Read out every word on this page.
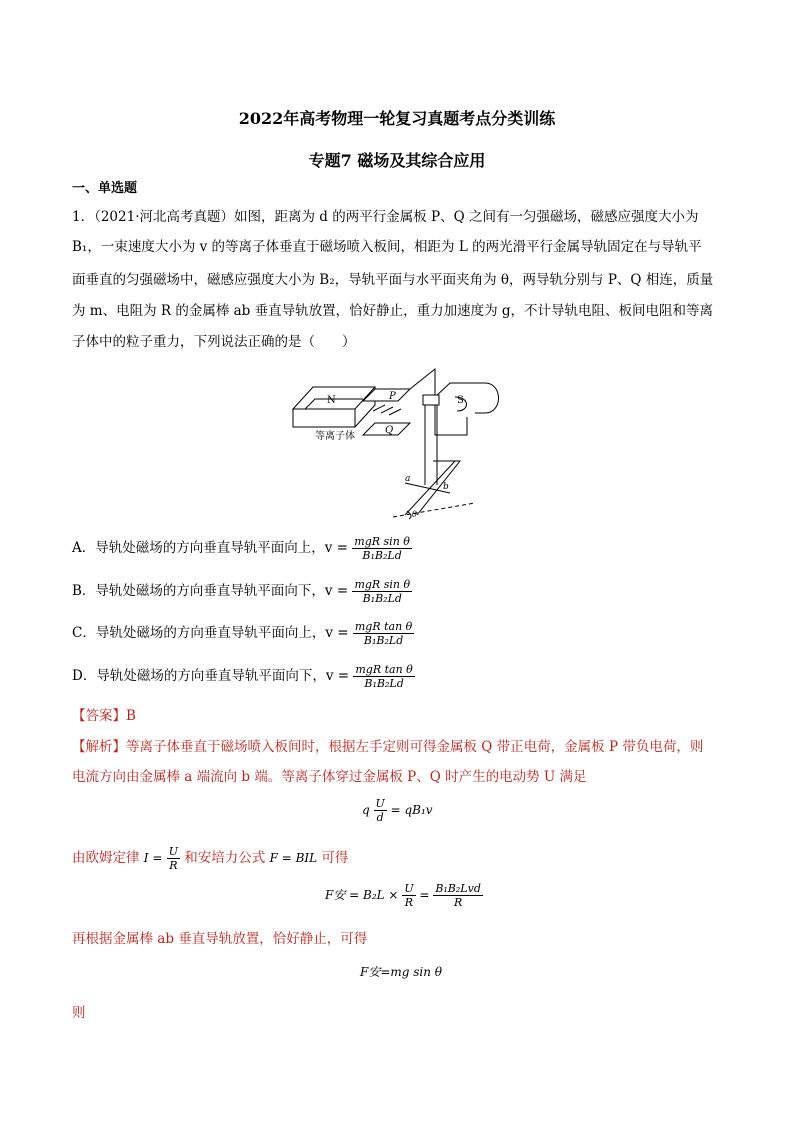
2022年高考物理一轮复习真题考点分类训练
专题7 磁场及其综合应用
一、单选题
1．（2021·河北高考真题）如图，距离为 d 的两平行金属板 P、Q 之间有一匀强磁场，磁感应强度大小为
B₁，一束速度大小为 v 的等离子体垂直于磁场喷入板间，相距为 L 的两光滑平行金属导轨固定在与导轨平
面垂直的匀强磁场中，磁感应强度大小为 B₂，导轨平面与水平面夹角为 θ，两导轨分别与 P、Q 相连，质量
为 m、电阻为 R 的金属棒 ab 垂直导轨放置，恰好静止，重力加速度为 g，不计导轨电阻、板间电阻和等离
子体中的粒子重力，下列说法正确的是（　　）
N	P	S
Q
等离子体
a
b
θ
A．导轨处磁场的方向垂直导轨平面向上，$v = \frac{\text{mgR sin θ}}{\text{B₁B₂Ld}}$
B．导轨处磁场的方向垂直导轨平面向下，$v = \frac{\text{mgR sin θ}}{\text{B₁B₂Ld}}$
C．导轨处磁场的方向垂直导轨平面向上，$v = \frac{\text{mgR tan θ}}{\text{B₁B₂Ld}}$
D．导轨处磁场的方向垂直导轨平面向下，$v = \frac{\text{mgR tan θ}}{\text{B₁B₂Ld}}$
【答案】B
【解析】等离子体垂直于磁场喷入板间时，根据左手定则可得金属板 Q 带正电荷，金属板 P 带负电荷，则
电流方向由金属棒 a 端流向 b 端。等离子体穿过金属板 P、Q 时产生的电动势 U 满足
q $\frac{U}{d} = qB_1v$
由欧姆定律 $I = \frac{U}{R}$ 和安培力公式 F = BIL 可得
F安 = $B_2L \times \frac{U}{R} = \frac{\text{B₁B₂Lvd}}{R}$
再根据金属棒 ab 垂直导轨放置，恰好静止，可得
F安=mg sin θ
则
